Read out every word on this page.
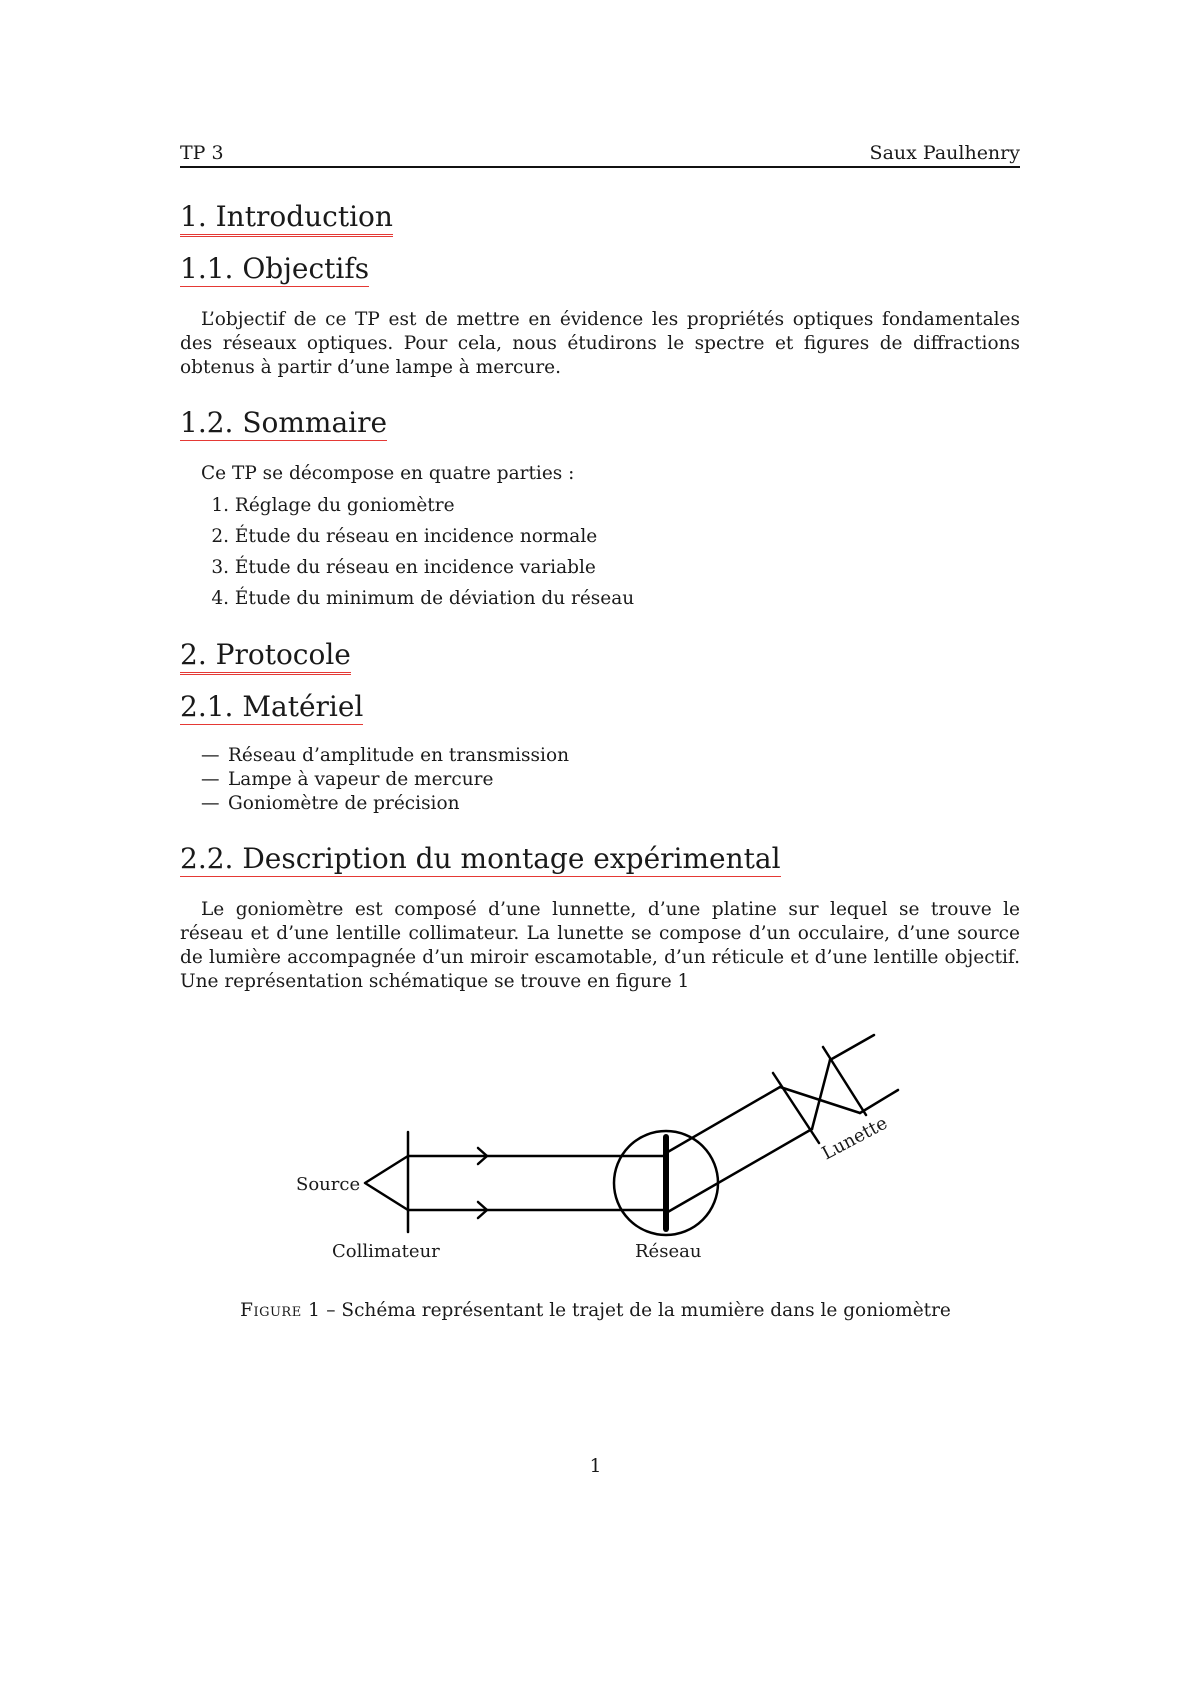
TP 3	Saux Paulhenry
1. Introduction
1.1. Objectifs

L’objectif de ce TP est de mettre en évidence les propriétés optiques fondamentales des réseaux optiques. Pour cela, nous étudirons le spectre et figures de diffractions obtenus à partir d’une lampe à mercure.

1.2. Sommaire

Ce TP se décompose en quatre parties :

1. Réglage du goniomètre
2. Étude du réseau en incidence normale
3. Étude du réseau en incidence variable
4. Étude du minimum de déviation du réseau
2. Protocole
2.1. Matériel
— Réseau d’amplitude en transmission
— Lampe à vapeur de mercure
— Goniomètre de précision
2.2. Description du montage expérimental

Le goniomètre est composé d’une lunnette, d’une platine sur lequel se trouve le réseau et d’une lentille collimateur. La lunette se compose d’un occulaire, d’une source de lumière accompagnée d’un miroir escamotable, d’un réticule et d’une lentille objectif. Une représentation schématique se trouve en figure 1

Source
Collimateur	Réseau
Lunette
Figure 1 – Schéma représentant le trajet de la mumière dans le goniomètre
1
